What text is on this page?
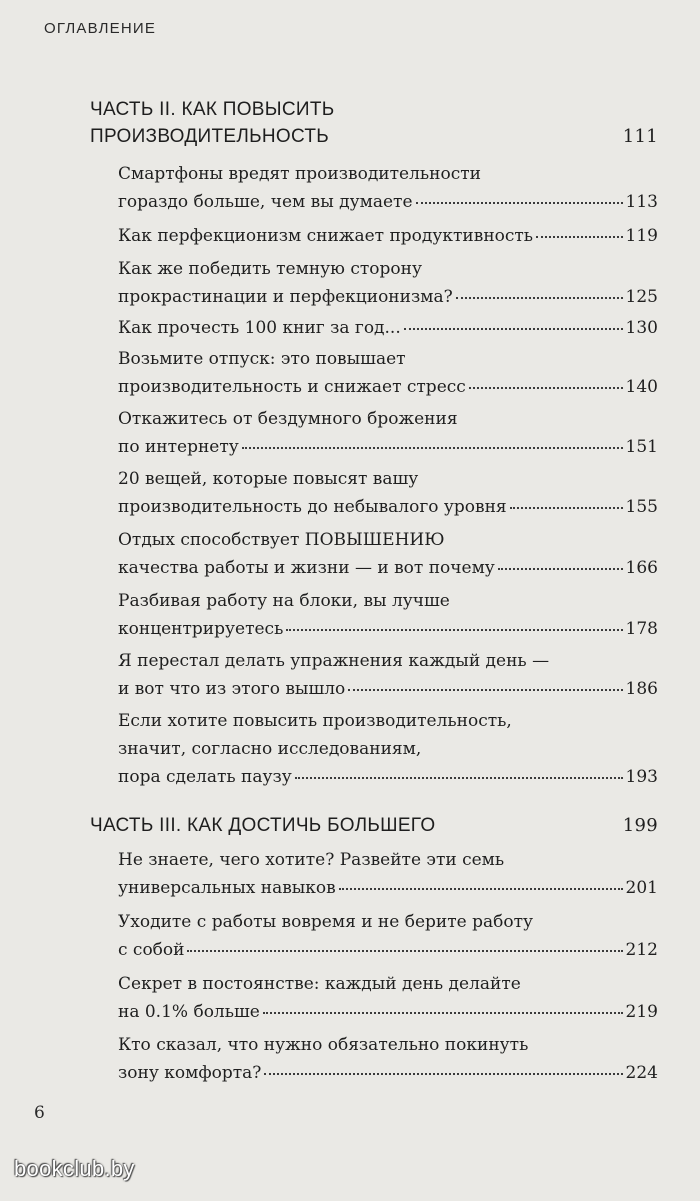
ОГЛАВЛЕНИЕ
ЧАСТЬ II. КАК ПОВЫСИТЬ ПРОИЗВОДИТЕЛЬНОСТЬ	111
Смартфоны вредят производительности
гораздо больше, чем вы думаете	113
Как перфекционизм снижает продуктивность	119
Как же победить темную сторону
прокрастинации и перфекционизма?	125
Как прочесть 100 книг за год...	130
Возьмите отпуск: это повышает
производительность и снижает стресс	140
Откажитесь от бездумного брожения
по интернету	151
20 вещей, которые повысят вашу
производительность до небывалого уровня	155
Отдых способствует ПОВЫШЕНИЮ
качества работы и жизни — и вот почему	166
Разбивая работу на блоки, вы лучше
концентрируетесь	178
Я перестал делать упражнения каждый день —
и вот что из этого вышло	186
Если хотите повысить производительность,
значит, согласно исследованиям,
пора сделать паузу	193
ЧАСТЬ III. КАК ДОСТИЧЬ БОЛЬШЕГО	199
Не знаете, чего хотите? Развейте эти семь
универсальных навыков	201
Уходите с работы вовремя и не берите работу
с собой	212
Секрет в постоянстве: каждый день делайте
на 0.1% больше	219
Кто сказал, что нужно обязательно покинуть
зону комфорта?	224
6
bookclub.by
